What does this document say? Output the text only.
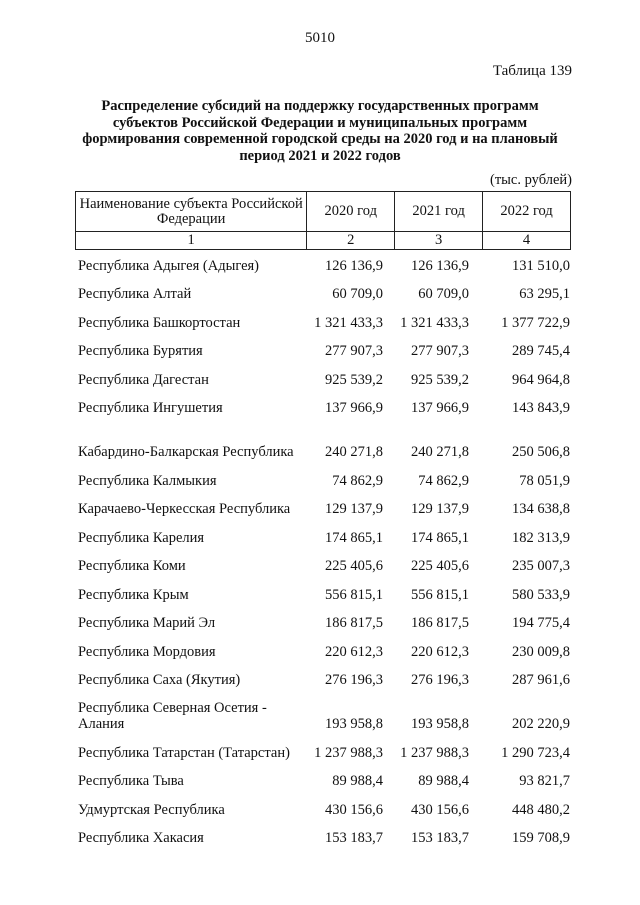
5010
Таблица 139
Распределение субсидий на поддержку государственных программ субъектов Российской Федерации и муниципальных программ формирования современной городской среды на 2020 год и на плановый период 2021 и 2022 годов
(тыс. рублей)
Наименование субъекта Российской Федерации	2020 год	2021 год	2022 год
1	2	3	4
Республика Адыгея (Адыгея)	126 136,9	126 136,9	131 510,0
Республика Алтай	60 709,0	60 709,0	63 295,1
Республика Башкортостан	1 321 433,3	1 321 433,3	1 377 722,9
Республика Бурятия	277 907,3	277 907,3	289 745,4
Республика Дагестан	925 539,2	925 539,2	964 964,8
Республика Ингушетия	137 966,9	137 966,9	143 843,9
Кабардино-Балкарская Республика	240 271,8	240 271,8	250 506,8
Республика Калмыкия	74 862,9	74 862,9	78 051,9
Карачаево-Черкесская Республика	129 137,9	129 137,9	134 638,8
Республика Карелия	174 865,1	174 865,1	182 313,9
Республика Коми	225 405,6	225 405,6	235 007,3
Республика Крым	556 815,1	556 815,1	580 533,9
Республика Марий Эл	186 817,5	186 817,5	194 775,4
Республика Мордовия	220 612,3	220 612,3	230 009,8
Республика Саха (Якутия)	276 196,3	276 196,3	287 961,6
Республика Северная Осетия - Алания	193 958,8	193 958,8	202 220,9
Республика Татарстан (Татарстан)	1 237 988,3	1 237 988,3	1 290 723,4
Республика Тыва	89 988,4	89 988,4	93 821,7
Удмуртская Республика	430 156,6	430 156,6	448 480,2
Республика Хакасия	153 183,7	153 183,7	159 708,9
